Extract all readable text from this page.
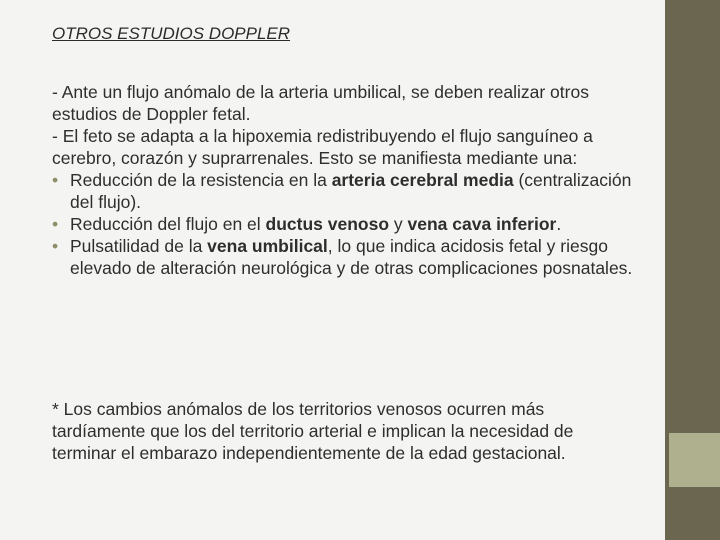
OTROS ESTUDIOS DOPPLER

- Ante un flujo anómalo de la arteria umbilical, se deben realizar otros estudios de Doppler fetal.

- El feto se adapta a la hipoxemia redistribuyendo el flujo sanguíneo a cerebro, corazón y suprarrenales. Esto se manifiesta mediante una:

• Reducción de la resistencia en la arteria cerebral media (centralización del flujo).
• Reducción del flujo en el ductus venoso y vena cava inferior.
• Pulsatilidad de la vena umbilical, lo que indica acidosis fetal y riesgo elevado de alteración neurológica y de otras complicaciones posnatales.

* Los cambios anómalos de los territorios venosos ocurren más tardíamente que los del territorio arterial e implican la necesidad de terminar el embarazo independientemente de la edad gestacional.
